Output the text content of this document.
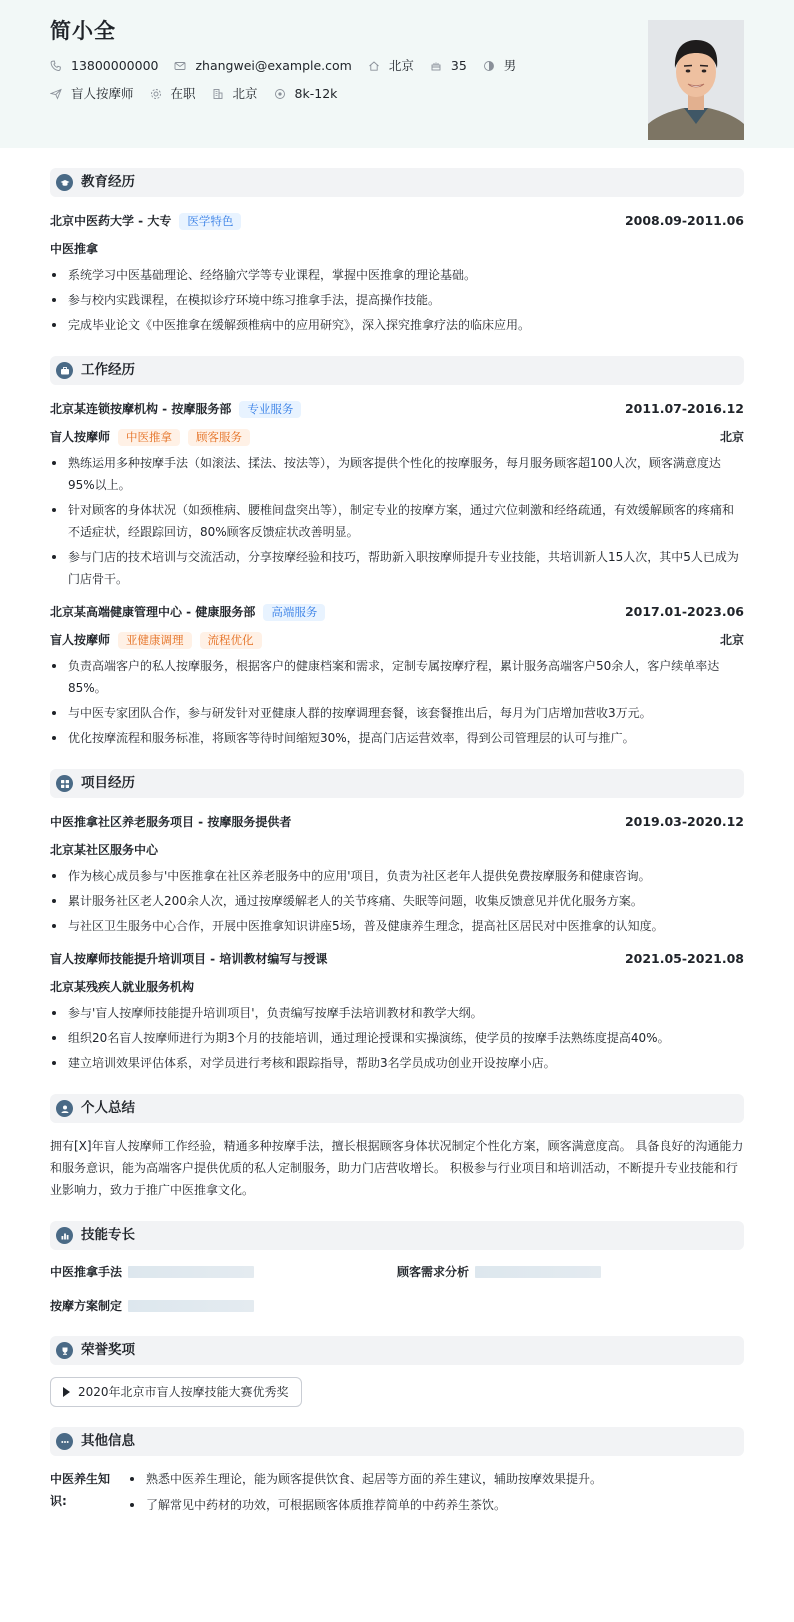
简小全
13800000000	zhangwei@example.com	北京	35	男
盲人按摩师	在职	北京	8k-12k
教育经历
北京中医药大学 - 大专	医学特色	2008.09-2011.06
中医推拿
系统学习中医基础理论、经络腧穴学等专业课程，掌握中医推拿的理论基础。
参与校内实践课程，在模拟诊疗环境中练习推拿手法，提高操作技能。
完成毕业论文《中医推拿在缓解颈椎病中的应用研究》，深入探究推拿疗法的临床应用。
工作经历
北京某连锁按摩机构 - 按摩服务部	专业服务	2011.07-2016.12
盲人按摩师	中医推拿	顾客服务	北京
熟练运用多种按摩手法（如滚法、揉法、按法等），为顾客提供个性化的按摩服务，每月服务顾客超100人次，顾客满意度达95%以上。
针对顾客的身体状况（如颈椎病、腰椎间盘突出等），制定专业的按摩方案，通过穴位刺激和经络疏通，有效缓解顾客的疼痛和不适症状，经跟踪回访，80%顾客反馈症状改善明显。
参与门店的技术培训与交流活动，分享按摩经验和技巧，帮助新入职按摩师提升专业技能，共培训新人15人次，其中5人已成为门店骨干。
北京某高端健康管理中心 - 健康服务部	高端服务	2017.01-2023.06
盲人按摩师	亚健康调理	流程优化	北京
负责高端客户的私人按摩服务，根据客户的健康档案和需求，定制专属按摩疗程，累计服务高端客户50余人，客户续单率达85%。
与中医专家团队合作，参与研发针对亚健康人群的按摩调理套餐，该套餐推出后，每月为门店增加营收3万元。
优化按摩流程和服务标准，将顾客等待时间缩短30%，提高门店运营效率，得到公司管理层的认可与推广。
项目经历
中医推拿社区养老服务项目 - 按摩服务提供者	2019.03-2020.12
北京某社区服务中心
作为核心成员参与'中医推拿在社区养老服务中的应用'项目，负责为社区老年人提供免费按摩服务和健康咨询。
累计服务社区老人200余人次，通过按摩缓解老人的关节疼痛、失眠等问题，收集反馈意见并优化服务方案。
与社区卫生服务中心合作，开展中医推拿知识讲座5场，普及健康养生理念，提高社区居民对中医推拿的认知度。
盲人按摩师技能提升培训项目 - 培训教材编写与授课	2021.05-2021.08
北京某残疾人就业服务机构
参与'盲人按摩师技能提升培训项目'，负责编写按摩手法培训教材和教学大纲。
组织20名盲人按摩师进行为期3个月的技能培训，通过理论授课和实操演练，使学员的按摩手法熟练度提高40%。
建立培训效果评估体系，对学员进行考核和跟踪指导，帮助3名学员成功创业开设按摩小店。
个人总结
拥有[X]年盲人按摩师工作经验，精通多种按摩手法，擅长根据顾客身体状况制定个性化方案，顾客满意度高。 具备良好的沟通能力和服务意识，能为高端客户提供优质的私人定制服务，助力门店营收增长。 积极参与行业项目和培训活动，不断提升专业技能和行业影响力，致力于推广中医推拿文化。
技能专长
中医推拿手法	顾客需求分析
按摩方案制定
荣誉奖项
2020年北京市盲人按摩技能大赛优秀奖
其他信息
中医养生知识:
熟悉中医养生理论，能为顾客提供饮食、起居等方面的养生建议，辅助按摩效果提升。
了解常见中药材的功效，可根据顾客体质推荐简单的中药养生茶饮。
